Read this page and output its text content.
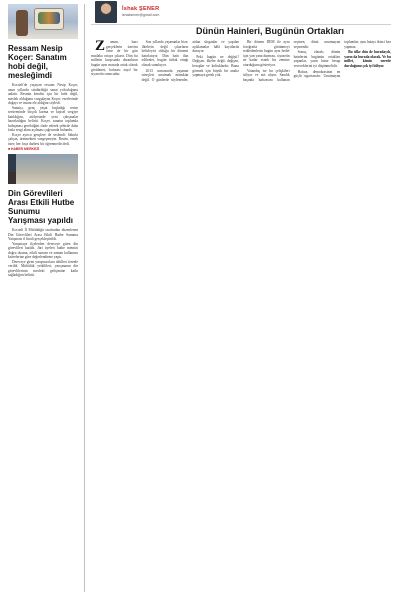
Ressam Nesip Koçer: Sanatım hobi değil, mesleğimdi

Kocaeli'de yaşayan ressam Nesip Koçer, uzun yıllardır sürdürdüğü sanat yolculuğunu anlattı. Resmin kendisi için bir hobi değil, meslek olduğunu vurgulayan Koçer, eserlerinde doğayı ve insanı ele aldığını söyledi.

Sanatçı, genç yaşta başladığı resim serüveninde birçok karma ve kişisel sergiye katıldığını, atölyesinde yeni çalışmalar hazırladığını belirtti. Koçer, sanatın toplumla buluşması gerektiğini ifade ederek şehirde daha fazla sergi alanı açılması çağrısında bulundu.

Koçer ayrıca gençlere de seslendi: Sabırla çalışın, üretmekten vazgeçmeyin. Resim, emek ister; her fırça darbesi bir öğrenmedir dedi.

■ HABER MERKEZİ
Din Görevlileri Arası Etkili Hutbe Sunumu Yarışması yapıldı

Kocaeli İl Müftülüğü tarafından düzenlenen Din Görevlileri Arası Etkili Hutbe Sunumu Yarışması il finali gerçekleştirildi.

Yarışmaya ilçelerden dereceye giren din görevlileri katıldı. Jüri üyeleri hutbe metnini doğru okuma, etkili sunum ve zaman kullanımı kriterlerine göre değerlendirme yaptı.

Dereceye giren yarışmacılara ödülleri törenle verildi. Müftülük yetkilileri, yarışmanın din görevlilerinin mesleki gelişimine katkı sağladığını belirtti.

İshak ŞENER
ishaksener@gmail.com
Dünün Hainleri, Bugünün Ortakları

Zaman, bazı gerçeklerin üzerini örtse de bir gün mutlaka ortaya çıkarır. Dün bu milletin karşısında duranların bugün aynı masada ortak olarak görülmesi, hafızası zayıf bir siyasetin sonucudur.

Son yıllarda yaşananlar bize, ilkelerin değil çıkarların belirleyici olduğu bir dönemi hatırlatıyor. Dün hain ilan edilenler, bugün ittifak ortağı olarak sunuluyor.

2013 sonrasında yaşanan süreçleri unutmak mümkün değil. O günlerde söylenenler, atılan sloganlar ve yapılan açıklamalar hâlâ kayıtlarda duruyor.

Peki bugün ne değişti? Değişen, ilkeler değil; değişen, hesaplar ve koltuklardır. Bunu görmek için büyük bir analiz yapmaya gerek yok.

Bir dönem DEM ile aynı fotoğrafta görünmeyi reddedenlerin bugün aynı hedef için yan yana durması, siyasetin ne kadar esnek bir zemine oturduğunu gösteriyor.

Vatandaş ise bu çelişkileri izliyor ve not alıyor. Sandık başında hafızasını kullanan seçmen, dünü unutmayan seçmendir.

Sonuç olarak; dünün hainlerini bugünün ortakları yapanlar, yarın kime hesap vereceklerini iyi düşünmelidir.

Hafıza, demokrasinin en güçlü sigortasıdır. Unutmayan toplumlar, aynı hatayı ikinci kez yapmaz.

Bu ülke dün de buradaydı, yarın da burada olacak. Ve bu millet, kimin nerede durduğunu çok iyi biliyor.
